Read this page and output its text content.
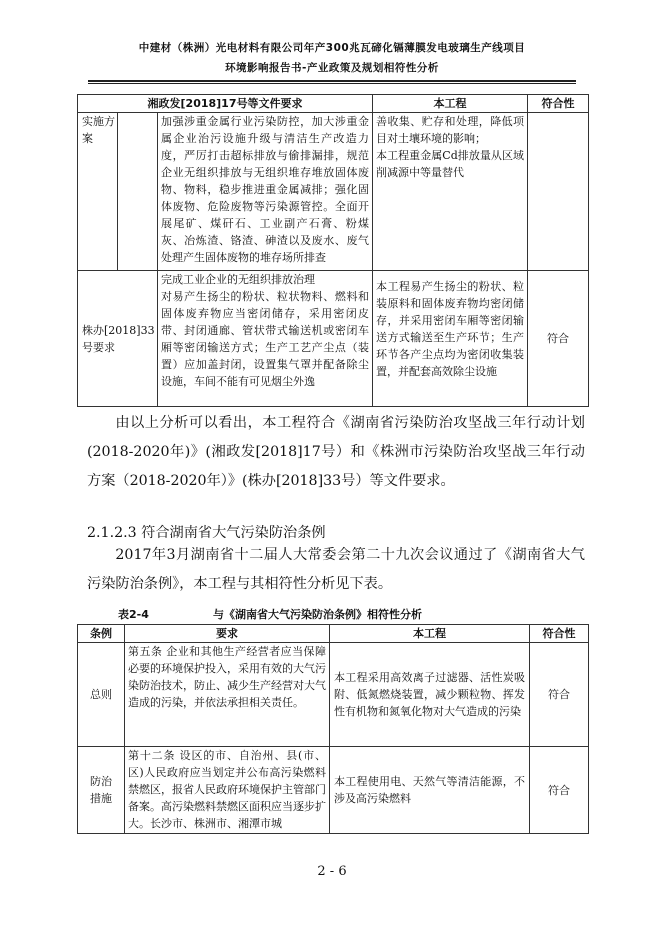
中建材（株洲）光电材料有限公司年产300兆瓦碲化镉薄膜发电玻璃生产线项目
环境影响报告书-产业政策及规划相符性分析
湘政发[2018]17号等文件要求			本工程	符合性
实施方案		加强涉重金属行业污染防控，加大涉重金属企业治污设施升级与清洁生产改造力度，严厉打击超标排放与偷排漏排，规范企业无组织排放与无组织堆存堆放固体废物、物料，稳步推进重金属减排；强化固体废物、危险废物等污染源管控。全面开展尾矿、煤矸石、工业副产石膏、粉煤灰、冶炼渣、铬渣、砷渣以及废水、废气处理产生固体废物的堆存场所排查	善收集、贮存和处理，降低项目对土壤环境的影响；
本工程重金属Cd排放量从区域削减源中等量替代	
株办[2018]33号要求		完成工业企业的无组织排放治理
对易产生扬尘的粉状、粒状物料、燃料和固体废弃物应当密闭储存，采用密闭皮带、封闭通廊、管状带式输送机或密闭车厢等密闭输送方式；生产工艺产尘点（装置）应加盖封闭，设置集气罩并配备除尘设施，车间不能有可见烟尘外逸	本工程易产生扬尘的粉状、粒装原料和固体废弃物均密闭储存，并采用密闭车厢等密闭输送方式输送至生产环节；生产环节各产尘点均为密闭收集装置，并配套高效除尘设施	符合

由以上分析可以看出，本工程符合《湖南省污染防治攻坚战三年行动计划(2018-2020年)》(湘政发[2018]17号）和《株洲市污染防治攻坚战三年行动方案（2018-2020年）》(株办[2018]33号）等文件要求。

2.1.2.3 符合湖南省大气污染防治条例

2017年3月湖南省十二届人大常委会第二十九次会议通过了《湖南省大气污染防治条例》，本工程与其相符性分析见下表。

表2-4	与《湖南省大气污染防治条例》相符性分析
条例	要求	本工程	符合性
总则	第五条 企业和其他生产经营者应当保障必要的环境保护投入，采用有效的大气污染防治技术，防止、减少生产经营对大气造成的污染，并依法承担相关责任。	本工程采用高效离子过滤器、活性炭吸附、低氮燃烧装置，减少颗粒物、挥发性有机物和氮氧化物对大气造成的污染	符合
防治措施	第十二条 设区的市、自治州、县(市、区)人民政府应当划定并公布高污染燃料禁燃区，报省人民政府环境保护主管部门备案。高污染燃料禁燃区面积应当逐步扩大。长沙市、株洲市、湘潭市城	本工程使用电、天然气等清洁能源，不涉及高污染燃料	符合
2 - 6
